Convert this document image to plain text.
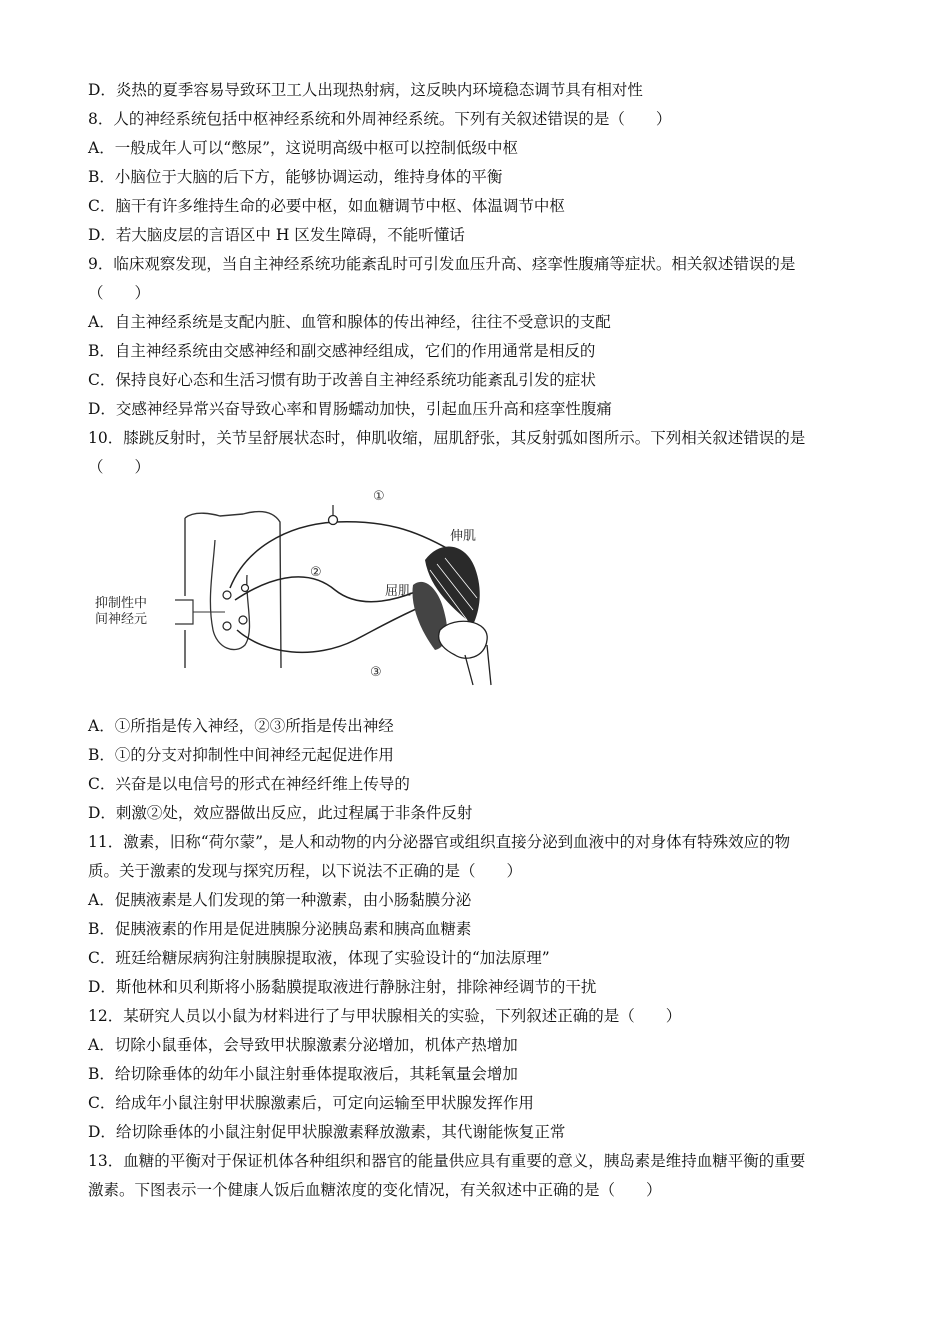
D．炎热的夏季容易导致环卫工人出现热射病，这反映内环境稳态调节具有相对性
8．人的神经系统包括中枢神经系统和外周神经系统。下列有关叙述错误的是（　　）
A．一般成年人可以“憋尿”，这说明高级中枢可以控制低级中枢
B．小脑位于大脑的后下方，能够协调运动，维持身体的平衡
C．脑干有许多维持生命的必要中枢，如血糖调节中枢、体温调节中枢
D．若大脑皮层的言语区中 H 区发生障碍，不能听懂话
9．临床观察发现，当自主神经系统功能紊乱时可引发血压升高、痉挛性腹痛等症状。相关叙述错误的是
（　　）
A．自主神经系统是支配内脏、血管和腺体的传出神经，往往不受意识的支配
B．自主神经系统由交感神经和副交感神经组成，它们的作用通常是相反的
C．保持良好心态和生活习惯有助于改善自主神经系统功能紊乱引发的症状
D．交感神经异常兴奋导致心率和胃肠蠕动加快，引起血压升高和痉挛性腹痛
10．膝跳反射时，关节呈舒展状态时，伸肌收缩，屈肌舒张，其反射弧如图所示。下列相关叙述错误的是
（　　）
抑制性中
间神经元
伸肌
屈肌
①
②
③
A．①所指是传入神经，②③所指是传出神经
B．①的分支对抑制性中间神经元起促进作用
C．兴奋是以电信号的形式在神经纤维上传导的
D．刺激②处，效应器做出反应，此过程属于非条件反射
11．激素，旧称“荷尔蒙”，是人和动物的内分泌器官或组织直接分泌到血液中的对身体有特殊效应的物
质。关于激素的发现与探究历程，以下说法不正确的是（　　）
A．促胰液素是人们发现的第一种激素，由小肠黏膜分泌
B．促胰液素的作用是促进胰腺分泌胰岛素和胰高血糖素
C．班廷给糖尿病狗注射胰腺提取液，体现了实验设计的“加法原理”
D．斯他林和贝利斯将小肠黏膜提取液进行静脉注射，排除神经调节的干扰
12．某研究人员以小鼠为材料进行了与甲状腺相关的实验，下列叙述正确的是（　　）
A．切除小鼠垂体，会导致甲状腺激素分泌增加，机体产热增加
B．给切除垂体的幼年小鼠注射垂体提取液后，其耗氧量会增加
C．给成年小鼠注射甲状腺激素后，可定向运输至甲状腺发挥作用
D．给切除垂体的小鼠注射促甲状腺激素释放激素，其代谢能恢复正常
13．血糖的平衡对于保证机体各种组织和器官的能量供应具有重要的意义，胰岛素是维持血糖平衡的重要
激素。下图表示一个健康人饭后血糖浓度的变化情况，有关叙述中正确的是（　　）
